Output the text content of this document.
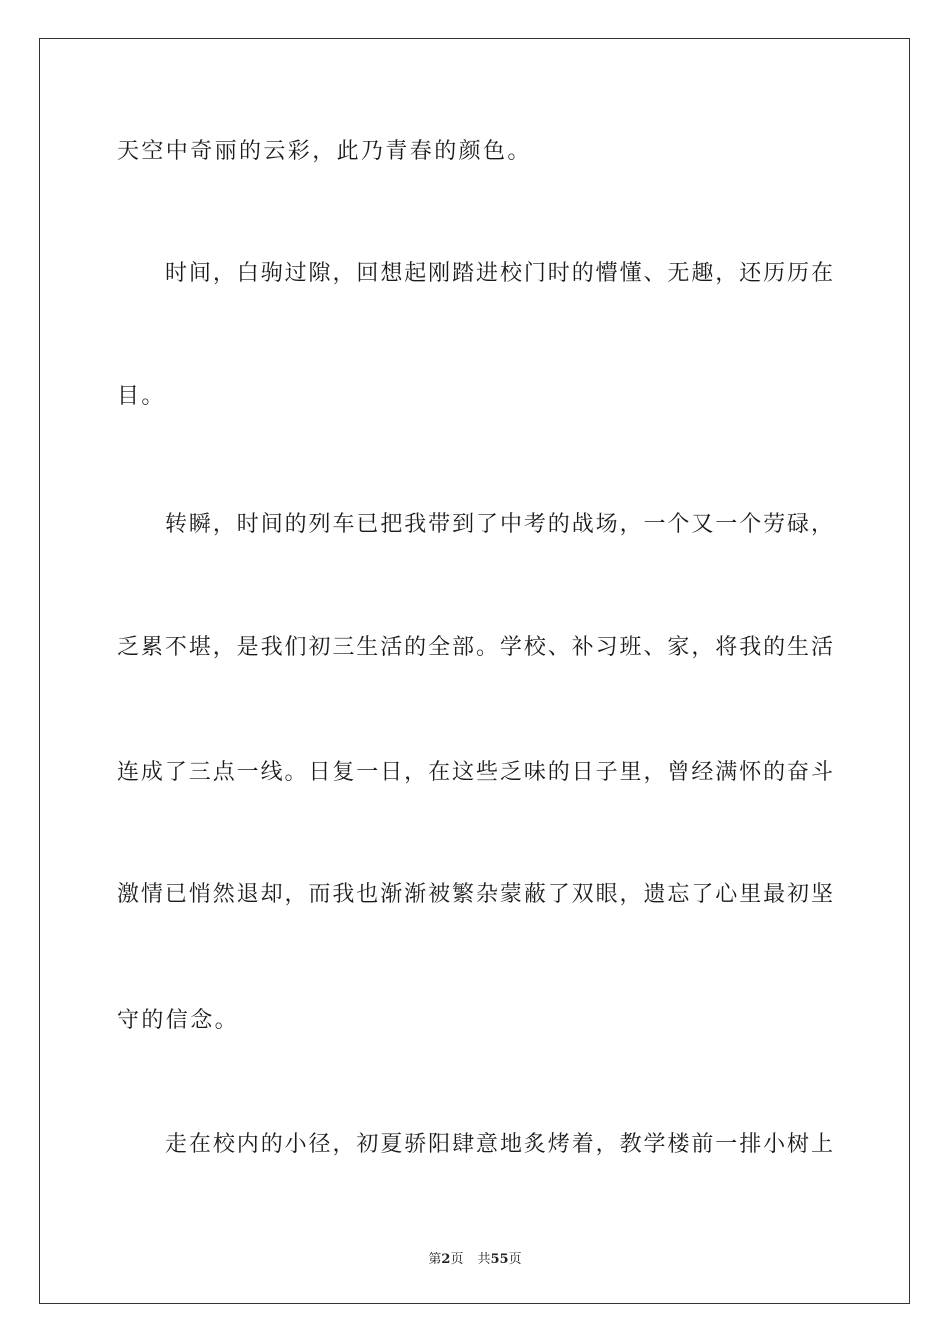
天空中奇丽的云彩，此乃青春的颜色。
时间，白驹过隙，回想起刚踏进校门时的懵懂、无趣，还历历在
目。
转瞬，时间的列车已把我带到了中考的战场，一个又一个劳碌，
乏累不堪，是我们初三生活的全部。学校、补习班、家，将我的生活
连成了三点一线。日复一日，在这些乏味的日子里，曾经满怀的奋斗
激情已悄然退却，而我也渐渐被繁杂蒙蔽了双眼，遗忘了心里最初坚
守的信念。
走在校内的小径，初夏骄阳肆意地炙烤着，教学楼前一排小树上
第2页 共55页
